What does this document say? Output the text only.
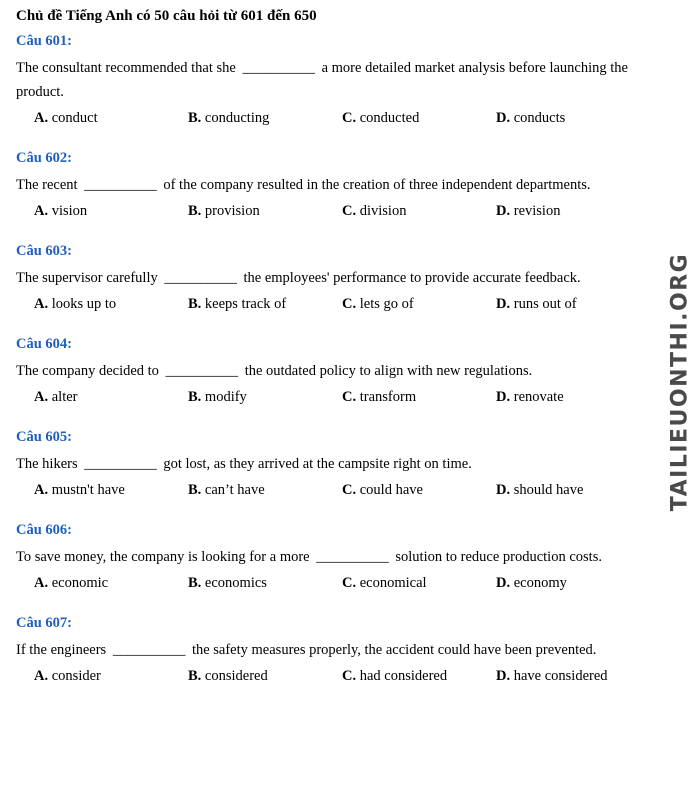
Chủ đề Tiếng Anh có 50 câu hỏi từ 601 đến 650
Câu 601:
The consultant recommended that she __________ a more detailed market analysis before launching the product.
A. conduct	B. conducting	C. conducted	D. conducts
Câu 602:
The recent __________ of the company resulted in the creation of three independent departments.
A. vision	B. provision	C. division	D. revision
Câu 603:
The supervisor carefully __________ the employees' performance to provide accurate feedback.
A. looks up to	B. keeps track of	C. lets go of	D. runs out of
Câu 604:
The company decided to __________ the outdated policy to align with new regulations.
A. alter	B. modify	C. transform	D. renovate
Câu 605:
The hikers __________ got lost, as they arrived at the campsite right on time.
A. mustn't have	B. can’t have	C. could have	D. should have
Câu 606:
To save money, the company is looking for a more __________ solution to reduce production costs.
A. economic	B. economics	C. economical	D. economy
Câu 607:
If the engineers __________ the safety measures properly, the accident could have been prevented.
A. consider	B. considered	C. had considered	D. have considered
TAILIEUONTHI.ORG
